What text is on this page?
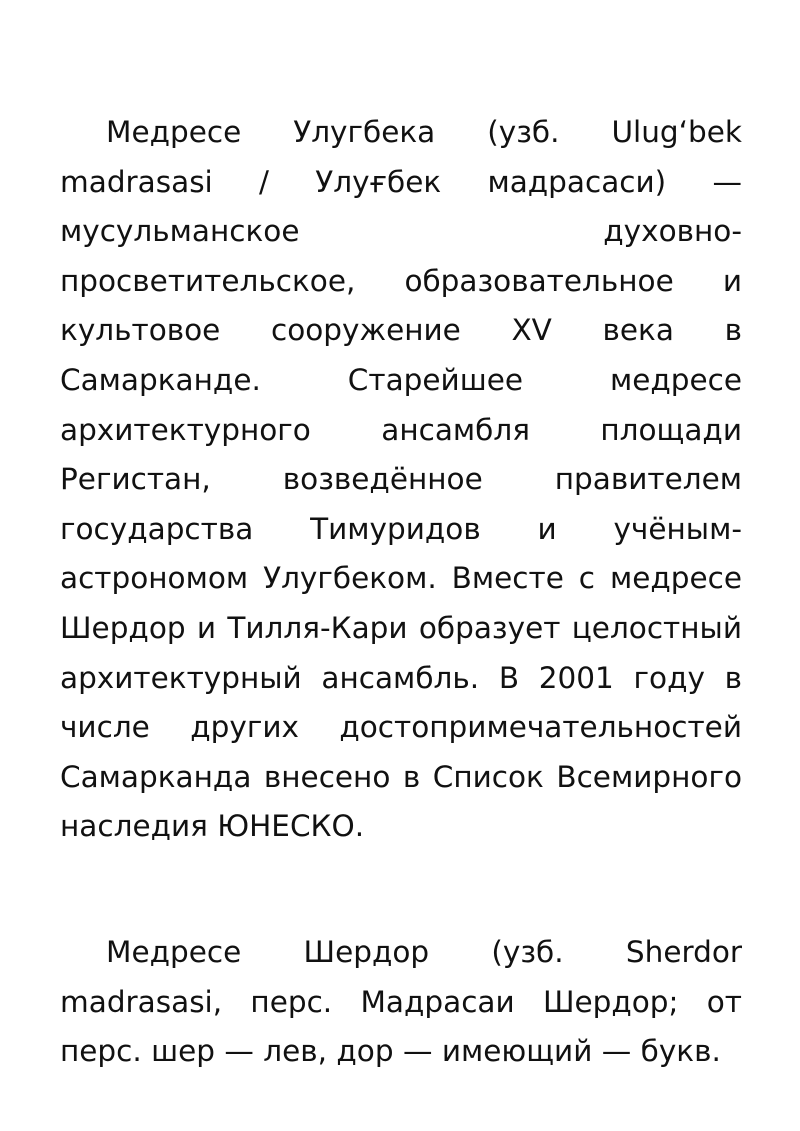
Медресе Улугбека (узб. Ulugʻbek madrasasi / Улуғбек мадрасаси) — мусульманское духовно-просветительское, образовательное и культовое сооружение XV века в Самарканде. Старейшее медресе архитектурного ансамбля площади Регистан, возведённое правителем государства Тимуридов и учёным-астрономом Улугбеком. Вместе с медресе Шердор и Тилля-Кари образует целостный архитектурный ансамбль. В 2001 году в числе других достопримечательностей Самарканда внесено в Список Всемирного наследия ЮНЕСКО.

Медресе Шердор (узб. Sherdor madrasasi, перс. Мадрасаи Шердор; от перс. шер — лев, дор — имеющий — букв.
